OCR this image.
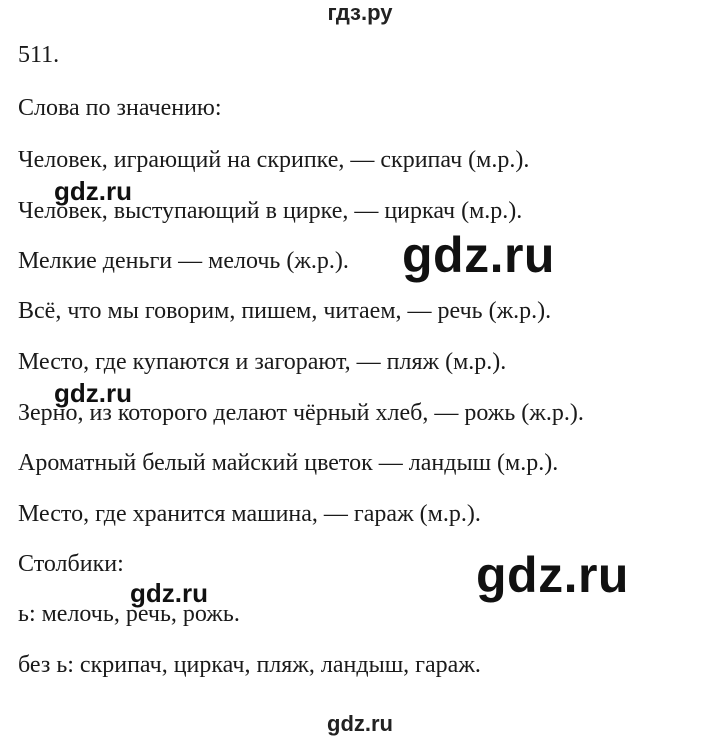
гдз.ру
511.
Слова по значению:
Человек, играющий на скрипке, — скрипач (м.р.).
Человек, выступающий в цирке, — циркач (м.р.).
Мелкие деньги — мелочь (ж.р.).
Всё, что мы говорим, пишем, читаем, — речь (ж.р.).
Место, где купаются и загорают, — пляж (м.р.).
Зерно, из которого делают чёрный хлеб, — рожь (ж.р.).
Ароматный белый майский цветок — ландыш (м.р.).
Место, где хранится машина, — гараж (м.р.).
Столбики:
ь: мелочь, речь, рожь.
без ь: скрипач, циркач, пляж, ландыш, гараж.
gdz.ru
gdz.ru
gdz.ru
gdz.ru
gdz.ru
gdz.ru
